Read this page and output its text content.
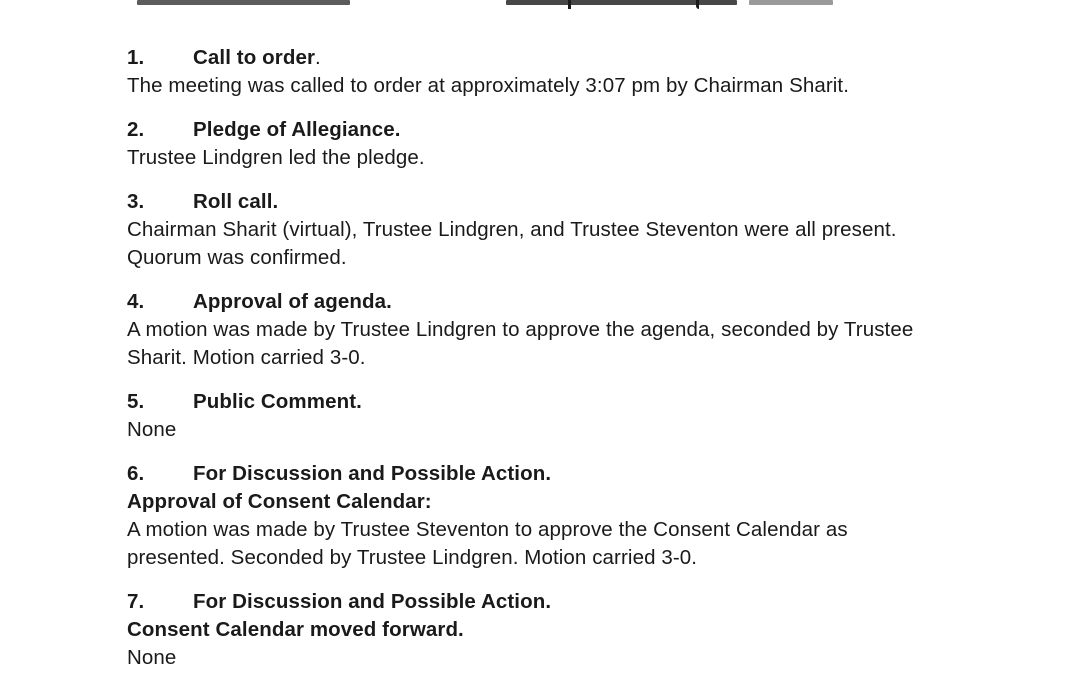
1. Call to order.
The meeting was called to order at approximately 3:07 pm by Chairman Sharit.
2. Pledge of Allegiance.
Trustee Lindgren led the pledge.
3. Roll call.
Chairman Sharit (virtual), Trustee Lindgren, and Trustee Steventon were all present.
Quorum was confirmed.
4. Approval of agenda.
A motion was made by Trustee Lindgren to approve the agenda, seconded by Trustee
Sharit. Motion carried 3-0.
5. Public Comment.
None
6. For Discussion and Possible Action.
Approval of Consent Calendar:
A motion was made by Trustee Steventon to approve the Consent Calendar as
presented. Seconded by Trustee Lindgren. Motion carried 3-0.
7. For Discussion and Possible Action.
Consent Calendar moved forward.
None
